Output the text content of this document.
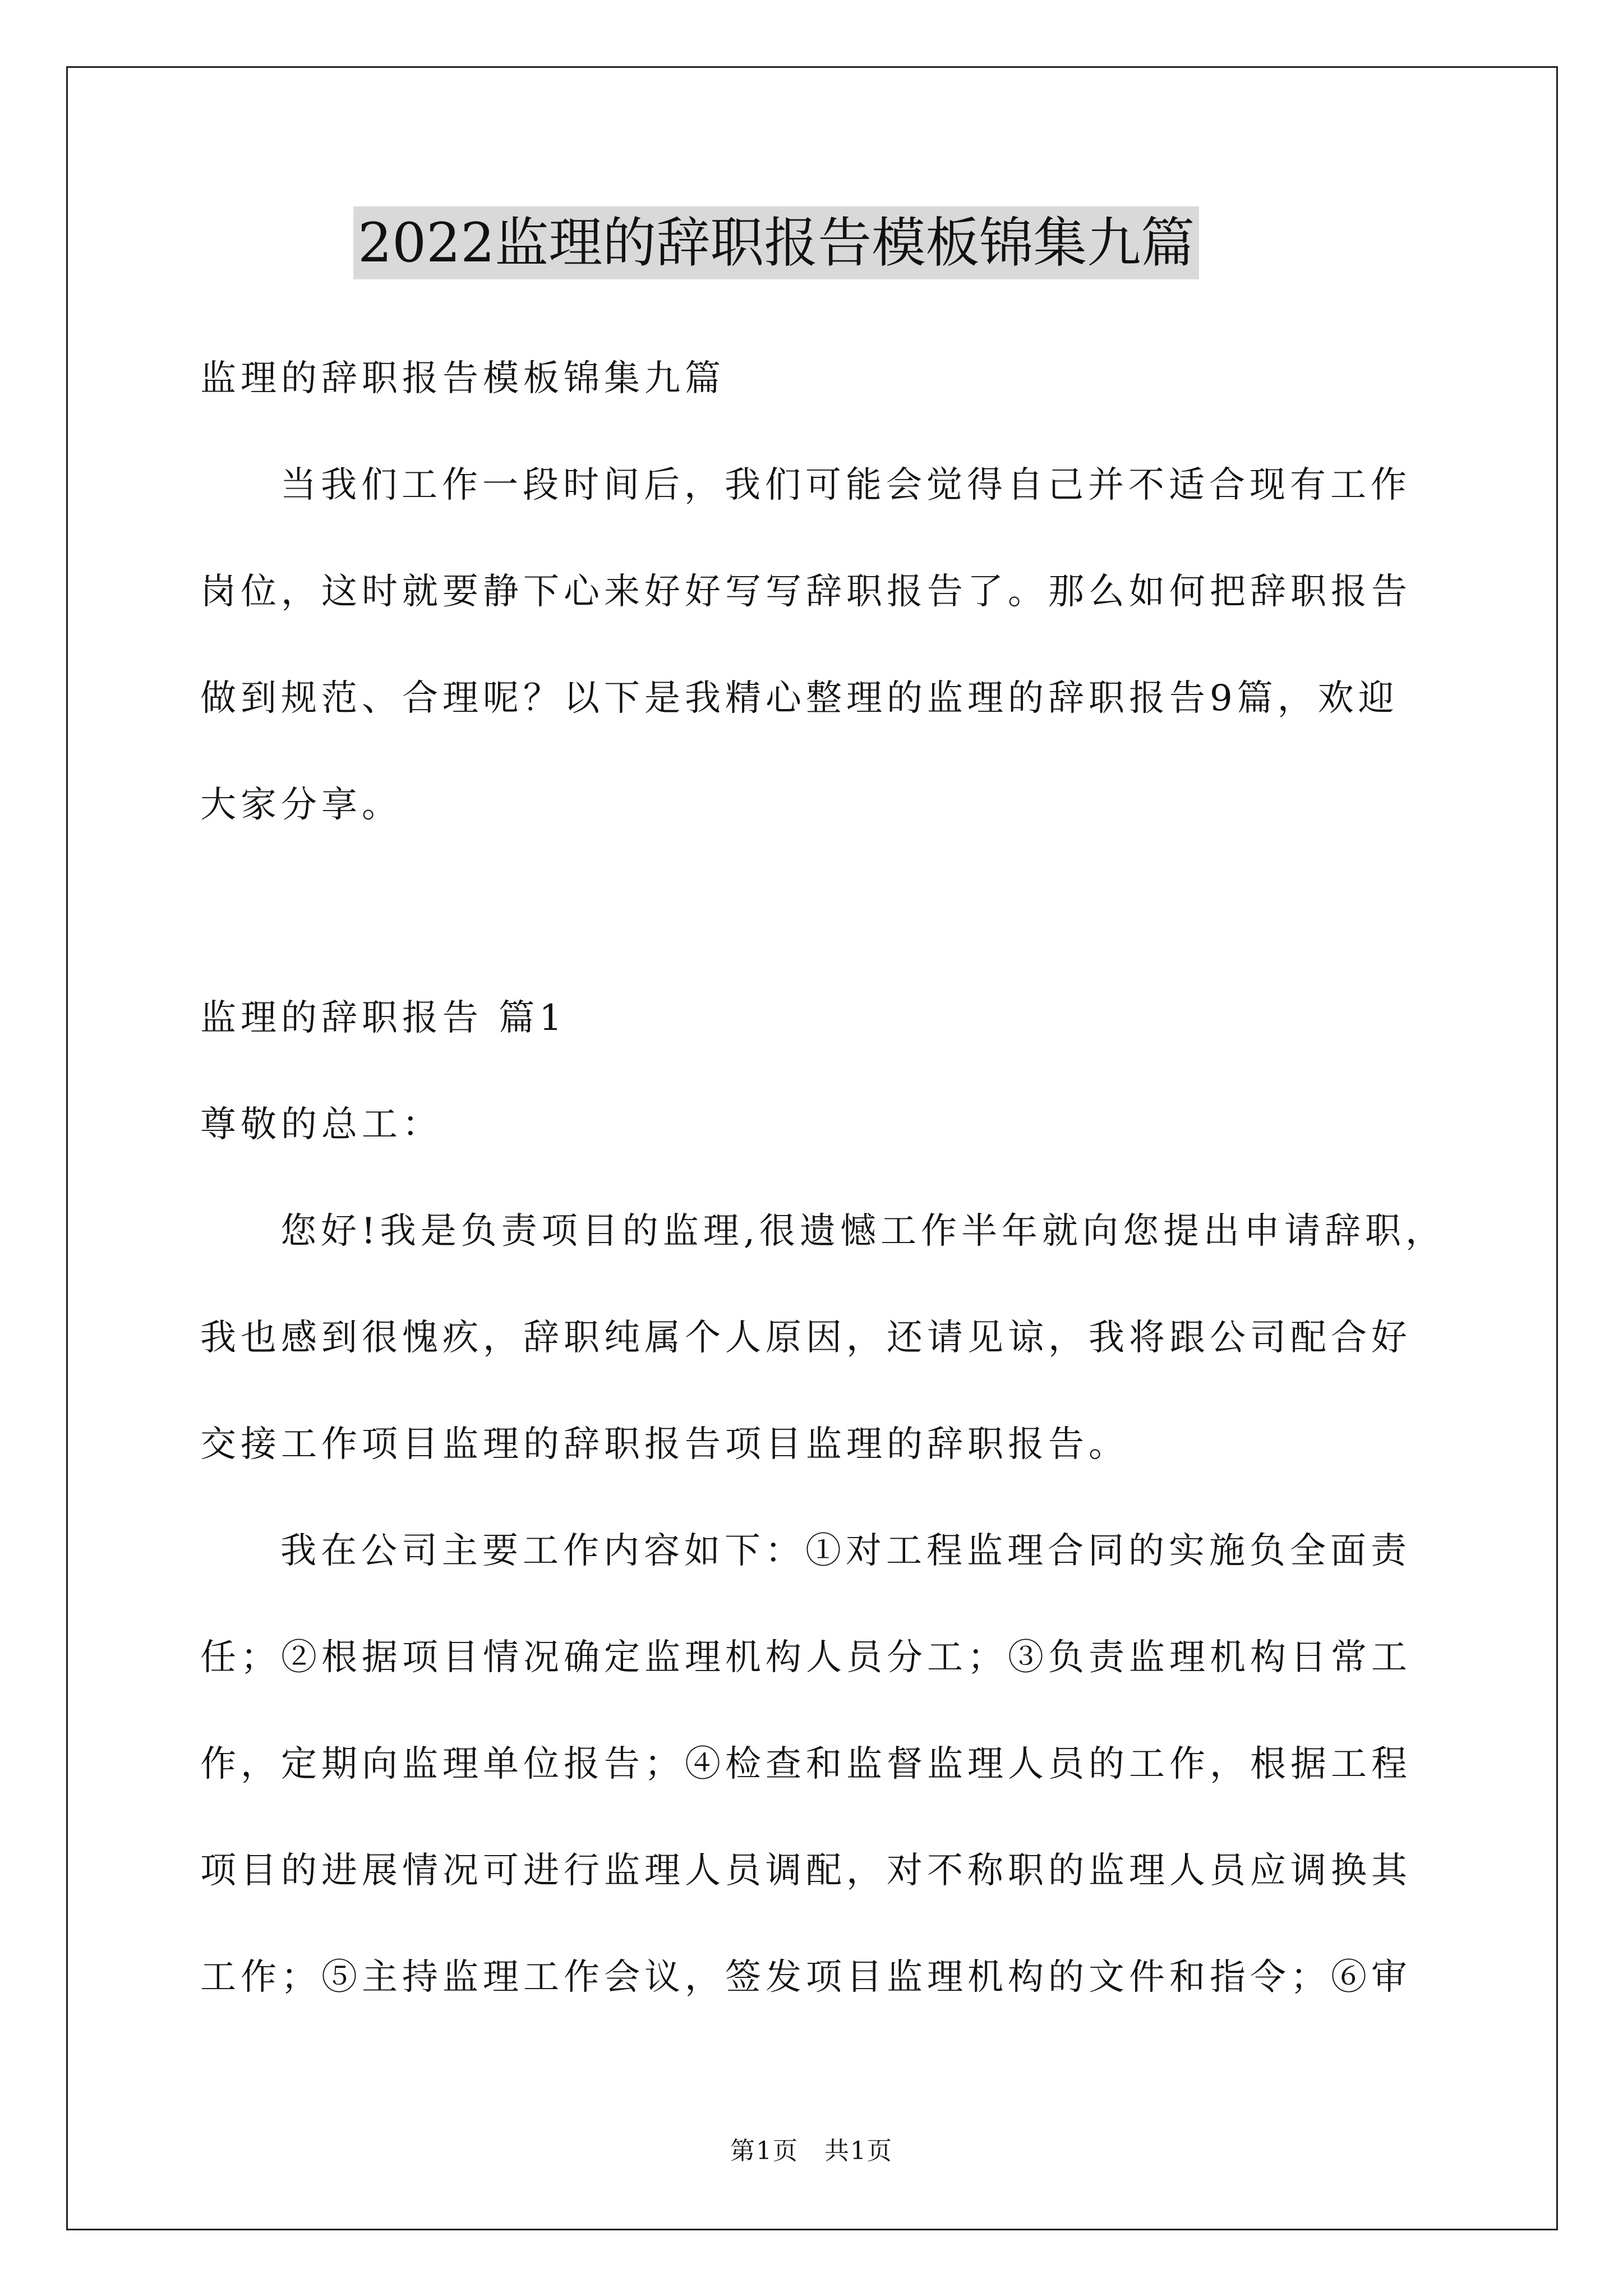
2022监理的辞职报告模板锦集九篇
监理的辞职报告模板锦集九篇
当我们工作一段时间后，我们可能会觉得自己并不适合现有工作
岗位，这时就要静下心来好好写写辞职报告了。那么如何把辞职报告
做到规范、合理呢？以下是我精心整理的监理的辞职报告9篇，欢迎
大家分享。
监理的辞职报告 篇1
尊敬的总工：
您好!我是负责项目的监理,很遗憾工作半年就向您提出申请辞职，
我也感到很愧疚，辞职纯属个人原因，还请见谅，我将跟公司配合好
交接工作项目监理的辞职报告项目监理的辞职报告。
我在公司主要工作内容如下：①对工程监理合同的实施负全面责
任；②根据项目情况确定监理机构人员分工；③负责监理机构日常工
作，定期向监理单位报告；④检查和监督监理人员的工作，根据工程
项目的进展情况可进行监理人员调配，对不称职的监理人员应调换其
工作；⑤主持监理工作会议，签发项目监理机构的文件和指令；⑥审
第1页　共1页
